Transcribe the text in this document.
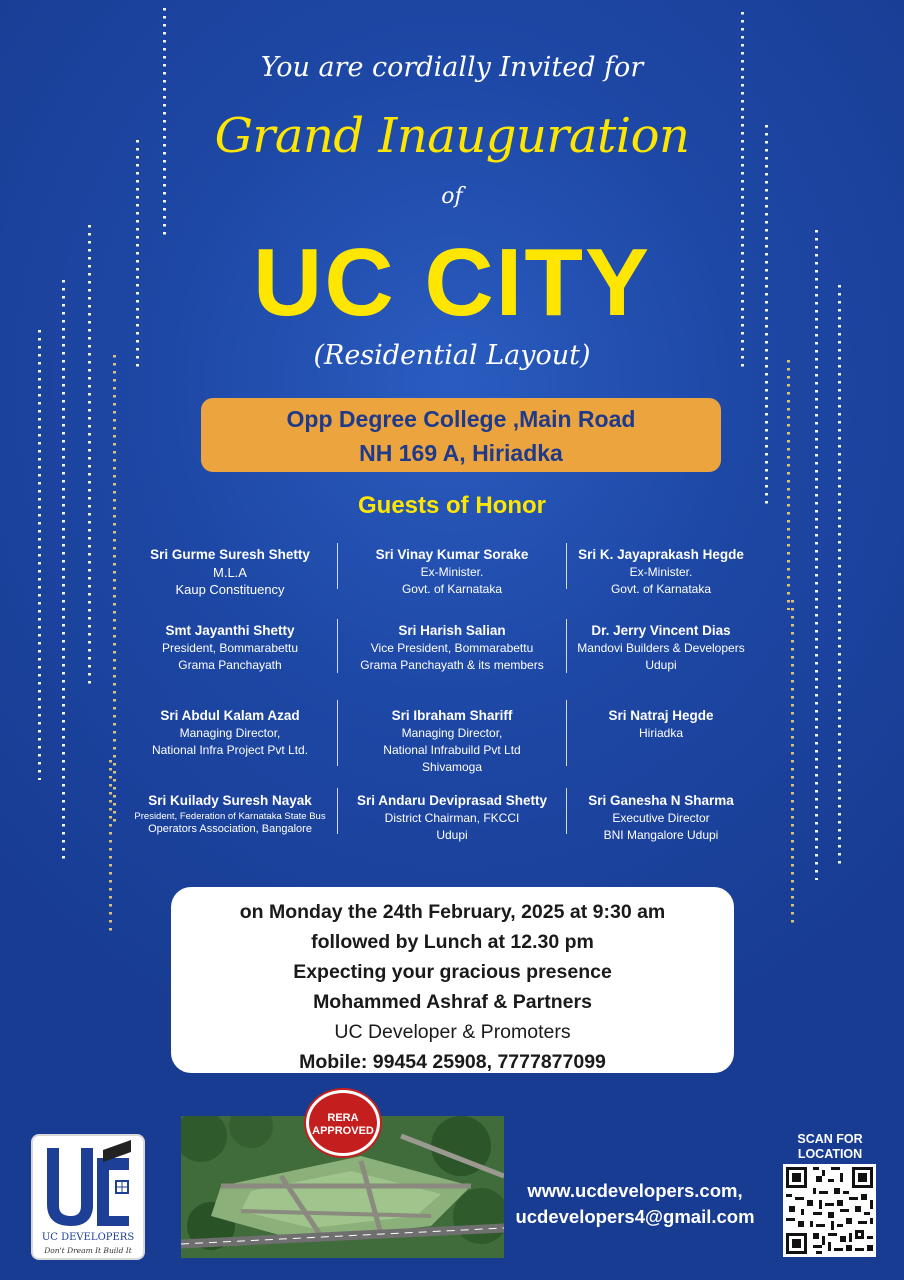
You are cordially Invited for

Grand Inauguration

of

UC CITY

(Residential Layout)

Opp Degree College ,Main Road
NH 169 A, Hiriadka

Guests of Honor

Sri Gurme Suresh Shetty
M.L.A
Kaup Constituency
Sri Vinay Kumar Sorake
Ex-Minister.
Govt. of Karnataka
Sri K. Jayaprakash Hegde
Ex-Minister.
Govt. of Karnataka
Smt Jayanthi Shetty
President, Bommarabettu
Grama Panchayath
Sri Harish Salian
Vice President, Bommarabettu
Grama Panchayath & its members
Dr. Jerry Vincent Dias
Mandovi Builders & Developers
Udupi
Sri Abdul Kalam Azad
Managing Director,
National Infra Project Pvt Ltd.
Sri Ibraham Shariff
Managing Director,
National Infrabuild Pvt Ltd
Shivamoga
Sri Natraj Hegde
Hiriadka
Sri Kuilady Suresh Nayak
President, Federation of Karnataka State Bus
Operators Association, Bangalore
Sri Andaru Deviprasad Shetty
District Chairman, FKCCI
Udupi
Sri Ganesha N Sharma
Executive Director
BNI Mangalore Udupi
on Monday the 24th February, 2025 at 9:30 am
followed by Lunch at 12.30 pm
Expecting your gracious presence
Mohammed Ashraf & Partners
UC Developer & Promoters
Mobile: 99454 25908, 7777877099
UC DEVELOPERS
Don't Dream It Build It
RERA
APPROVED
www.ucdevelopers.com,
ucdevelopers4@gmail.com
SCAN FOR
LOCATION
